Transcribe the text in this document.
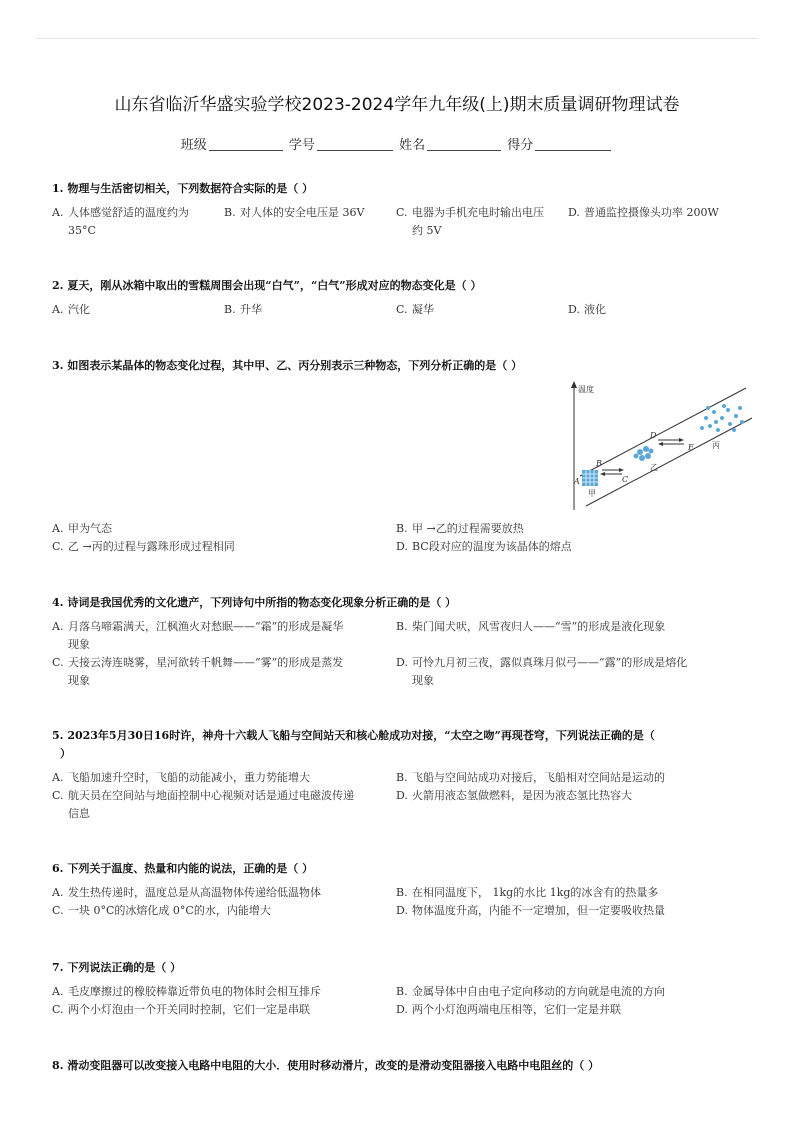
山东省临沂华盛实验学校2023-2024学年九年级(上)期末质量调研物理试卷
班级	学号	姓名	得分
1. 物理与生活密切相关，下列数据符合实际的是（ ）
A. 人体感觉舒适的温度约为
35°C
B. 对人体的安全电压是 36V	C. 电器为手机充电时输出电压
约 5V
D. 普通监控摄像头功率 200W
2. 夏天，刚从冰箱中取出的雪糕周围会出现“白气”，“白气”形成对应的物态变化是（ ）
A. 汽化	B. 升华	C. 凝华	D. 液化
3. 如图表示某晶体的物态变化过程，其中甲、乙、丙分别表示三种物态，下列分析正确的是（ ）
温度
A
甲
B
C
乙
D
E 丙
A. 甲为气态	B. 甲 →乙的过程需要放热
C. 乙 →丙的过程与露珠形成过程相同	D. BC段对应的温度为该晶体的熔点
4. 诗词是我国优秀的文化遗产，下列诗句中所指的物态变化现象分析正确的是（ ）
A. 月落乌啼霜满天，江枫渔火对愁眠——“霜”的形成是凝华
现象
B. 柴门闻犬吠，风雪夜归人——“雪”的形成是液化现象
C. 天接云涛连晓雾，星河欲转千帆舞——“雾”的形成是蒸发
现象
D. 可怜九月初三夜，露似真珠月似弓——“露”的形成是熔化
现象
5. 2023年5月30日16时许，神舟十六载人飞船与空间站天和核心舱成功对接，“太空之吻”再现苍穹，下列说法正确的是（
）
A. 飞船加速升空时，飞船的动能减小，重力势能增大	B. 飞船与空间站成功对接后，飞船相对空间站是运动的
C. 航天员在空间站与地面控制中心视频对话是通过电磁波传递
信息
D. 火箭用液态氢做燃料，是因为液态氢比热容大
6. 下列关于温度、热量和内能的说法，正确的是（ ）
A. 发生热传递时，温度总是从高温物体传递给低温物体	B. 在相同温度下， 1kg的水比 1kg的冰含有的热量多
C. 一块 0°C的冰熔化成 0°C的水，内能增大	D. 物体温度升高，内能不一定增加，但一定要吸收热量
7. 下列说法正确的是（ ）
A. 毛皮摩擦过的橡胶棒靠近带负电的物体时会相互排斥	B. 金属导体中自由电子定向移动的方向就是电流的方向
C. 两个小灯泡由一个开关同时控制，它们一定是串联	D. 两个小灯泡两端电压相等，它们一定是并联
8. 滑动变阻器可以改变接入电路中电阻的大小．使用时移动滑片，改变的是滑动变阻器接入电路中电阻丝的（ ）
